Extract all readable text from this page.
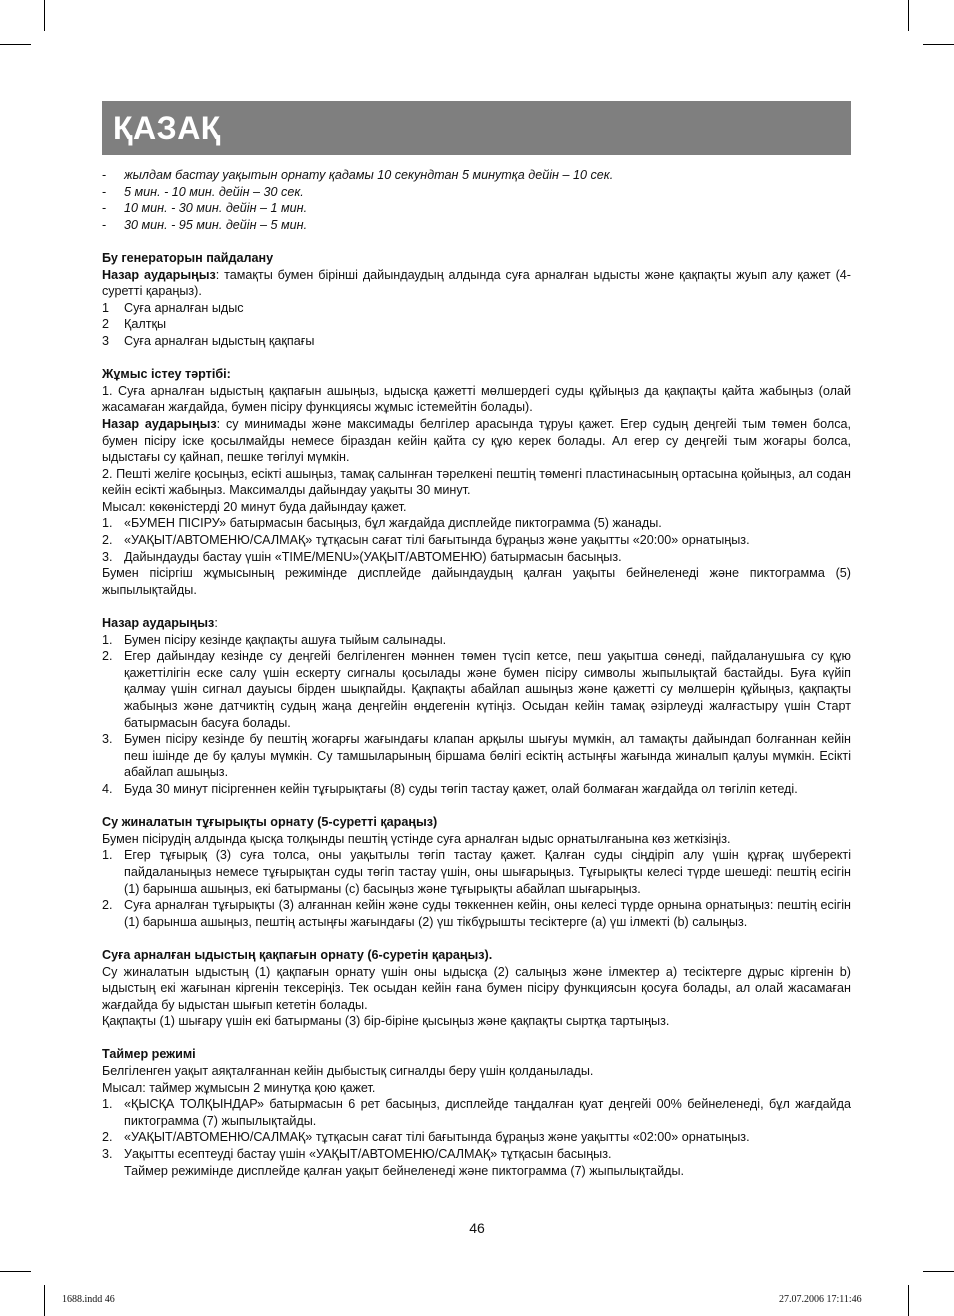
ҚАЗАҚ
-	жылдам бастау уақытын орнату қадамы 10 секундтан 5 минутқа дейін – 10 сек.
-	5 мин. - 10 мин. дейін – 30 сек.
-	10 мин. - 30 мин. дейін – 1 мин.
-	30 мин. - 95 мин. дейін – 5 мин.

Бу генераторын пайдалану

Назар аударыңыз: тамақты бумен бірінші дайындаудың алдында суға арналған ыдысты және қақпақты жуып алу қажет (4-суретті қараңыз).

1	Суға арналған ыдыс
2	Қалтқы
3	Суға арналған ыдыстың қақпағы

Жұмыс істеу тәртібі:

1. Суға арналған ыдыстың қақпағын ашыңыз, ыдысқа қажетті мөлшердегі суды құйыңыз да қақпақты қайта жабыңыз (олай жасамаған жағдайда, бумен пісіру функциясы жұмыс істемейтін болады).

Назар аударыңыз: су минимады және максимады белгілер арасында тұруы қажет. Егер судың деңгейі тым төмен болса, бумен пісіру іске қосылмайды немесе біраздан кейін қайта су құю керек болады. Ал егер су деңгейі тым жоғары болса, ыдыстағы су қайнап, пешке төгілуі мүмкін.

2. Пешті желіге қосыңыз, есікті ашыңыз, тамақ салынған тәрелкені пештің төменгі пластинасының ортасына қойыңыз, ал содан кейін есікті жабыңыз. Максималды дайындау уақыты 30 минут.

Мысал: көкөністерді 20 минут буда дайындау қажет.

1. «БУМЕН ПІСІРУ» батырмасын басыңыз, бұл жағдайда дисплейде пиктограмма (5) жанады.
2. «УАҚЫТ/АВТОМЕНЮ/САЛМАҚ» тұтқасын сағат тілі бағытында бұраңыз және уақытты «20:00» орнатыңыз.
3. Дайындауды бастау үшін «TIME/MENU»(УАҚЫТ/АВТОМЕНЮ) батырмасын басыңыз.

Бумен пісіргіш жұмысының режимінде дисплейде дайындаудың қалған уақыты бейнеленеді және пиктограмма (5) жыпылықтайды.

Назар аударыңыз:

1. Бумен пісіру кезінде қақпақты ашуға тыйым салынады.
2. Егер дайындау кезінде су деңгейі белгіленген мәннен төмен түсіп кетсе, пеш уақытша сөнеді, пайдаланушыға су құю қажеттілігін еске салу үшін ескерту сигналы қосылады және бумен пісіру символы жыпылықтай бастайды. Буға күйіп қалмау үшін сигнал дауысы бірден шықпайды. Қақпақты абайлап ашыңыз және қажетті су мөлшерін құйыңыз, қақпақты жабыңыз және датчиктің судың жаңа деңгейін өңдегенін күтіңіз. Осыдан кейін тамақ әзірлеуді жалғастыру үшін Старт батырмасын басуға болады.
3. Бумен пісіру кезінде бу пештің жоғарғы жағындағы клапан арқылы шығуы мүмкін, ал тамақты дайындап болғаннан кейін пеш ішінде де бу қалуы мүмкін. Су тамшыларының біршама бөлігі есіктің астыңғы жағында жиналып қалуы мүмкін. Есікті абайлап ашыңыз.
4. Буда 30 минут пісіргеннен кейін тұғырықтағы (8) суды төгіп тастау қажет, олай болмаған жағдайда ол төгіліп кетеді.

Су жиналатын тұғырықты орнату (5-суретті қараңыз)

Бумен пісірудің алдында қысқа толқынды пештің үстінде суға арналған ыдыс орнатылғанына көз жеткізіңіз.

1. Егер тұғырық (3) суға толса, оны уақытылы төгіп тастау қажет. Қалған суды сіңдіріп алу үшін құрғақ шүберекті пайдаланыңыз немесе тұғырықтан суды төгіп тастау үшін, оны шығарыңыз. Тұғырықты келесі түрде шешеді: пештің есігін (1) барынша ашыңыз, екі батырманы (с) басыңыз және тұғырықты абайлап шығарыңыз.
2. Суға арналған тұғырықты (3) алғаннан кейін және суды төккеннен кейін, оны келесі түрде орнына орнатыңыз: пештің есігін (1) барынша ашыңыз, пештің астыңғы жағындағы (2) үш тікбұрышты тесіктерге (а) үш ілмекті (b) салыңыз.

Суға арналған ыдыстың қақпағын орнату (6-суретін қараңыз).

Су жиналатын ыдыстың (1) қақпағын орнату үшін оны ыдысқа (2) салыңыз және ілмектер а) тесіктерге дұрыс кіргенін b) ыдыстың екі жағынан кіргенін тексеріңіз. Тек осыдан кейін ғана бумен пісіру функциясын қосуға болады, ал олай жасамаған жағдайда бу ыдыстан шығып кететін болады.

Қақпақты (1) шығару үшін екі батырманы (3) бір-біріне қысыңыз және қақпақты сыртқа тартыңыз.

Таймер режимі

Белгіленген уақыт аяқталғаннан кейін дыбыстық сигналды беру үшін қолданылады.

Мысал: таймер жұмысын 2 минутқа қою қажет.

1. «ҚЫСҚА ТОЛҚЫНДАР» батырмасын 6 рет басыңыз, дисплейде таңдалған қуат деңгейі 00% бейнеленеді, бұл жағдайда пиктограмма (7) жыпылықтайды.
2. «УАҚЫТ/АВТОМЕНЮ/САЛМАҚ» тұтқасын сағат тілі бағытында бұраңыз және уақытты «02:00» орнатыңыз.
3. Уақытты есептеуді бастау үшін «УАҚЫТ/АВТОМЕНЮ/САЛМАҚ» тұтқасын басыңыз.

Таймер режимінде дисплейде қалған уақыт бейнеленеді және пиктограмма (7) жыпылықтайды.

46
1688.indd 46	27.07.2006 17:11:46
